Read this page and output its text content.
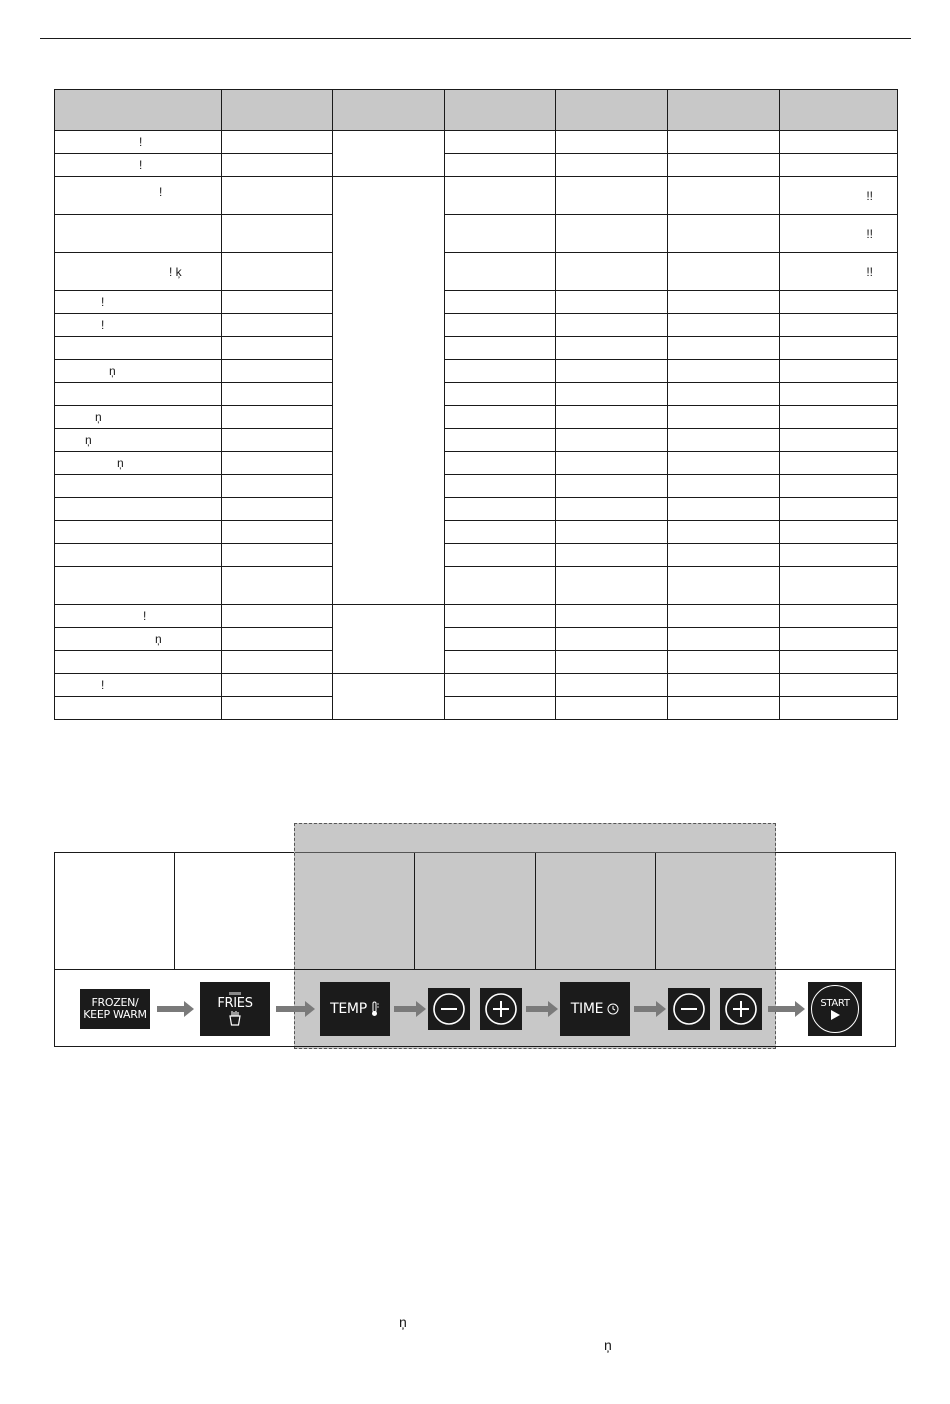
ǃ						
ǃ						
ǃ						ǃǃ
						ǃǃ
ǃ ķ						ǃǃ
ǃ						
ǃ						

ņ						

ņ						
ņ						
ņ						

ǃ						
ņ						

ǃ						

FROZEN/
KEEP WARM
FRIES	TEMP	TIME	START
ņ
ņ
